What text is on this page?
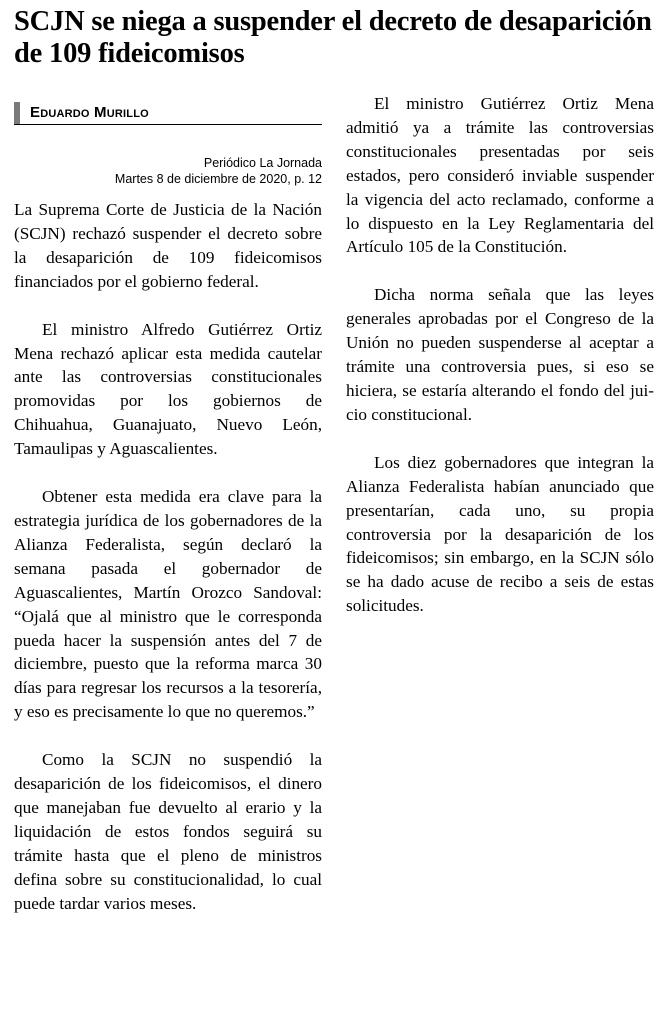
SCJN se niega a suspender el decreto de desaparición de 109 fideicomisos
Eduardo Murillo
Periódico La Jornada
Martes 8 de diciembre de 2020, p. 12

La Suprema Corte de Justicia de la Nación (SCJN) rechazó suspender el decreto sobre la desaparición de 109 fideicomisos financiados por el gobierno federal.

El ministro Alfredo Gutiérrez Ortiz Mena rechazó aplicar esta medida cautelar ante las controversias constitucionales promovidas por los gobiernos de Chihuahua, Guanajuato, Nuevo León, Tamaulipas y Aguascalientes.

Obtener esta medida era clave para la estrategia jurídica de los gobernadores de la Alianza Federalista, según declaró la semana pasada el gobernador de Aguascalientes, Martín Orozco Sandoval: “Ojalá que al ministro que le corresponda pueda hacer la suspensión antes del 7 de diciembre, puesto que la reforma marca 30 días para regresar los recursos a la tesorería, y eso es precisamente lo que no queremos.”

Como la SCJN no suspendió la desaparición de los fideicomisos, el dinero que manejaban fue devuelto al erario y la liquidación de estos fondos seguirá su trámite hasta que el pleno de ministros defina sobre su constitucionalidad, lo cual puede tardar varios meses.

El ministro Gutiérrez Ortiz Mena admitió ya a trámite las controversias constitucionales presentadas por seis estados, pero consideró inviable suspender la vigencia del acto reclamado, conforme a lo dispuesto en la Ley Reglamentaria del Artículo 105 de la Constitución.

Dicha norma señala que las leyes generales aprobadas por el Congreso de la Unión no pueden suspenderse al aceptar a trámite una controversia pues, si eso se hiciera, se estaría alterando el fondo del jui-cio constitucional.

Los diez gobernadores que integran la Alianza Federalista habían anunciado que presentarían, cada uno, su propia controversia por la desaparición de los fideicomisos; sin embargo, en la SCJN sólo se ha dado acuse de recibo a seis de estas solicitudes.
